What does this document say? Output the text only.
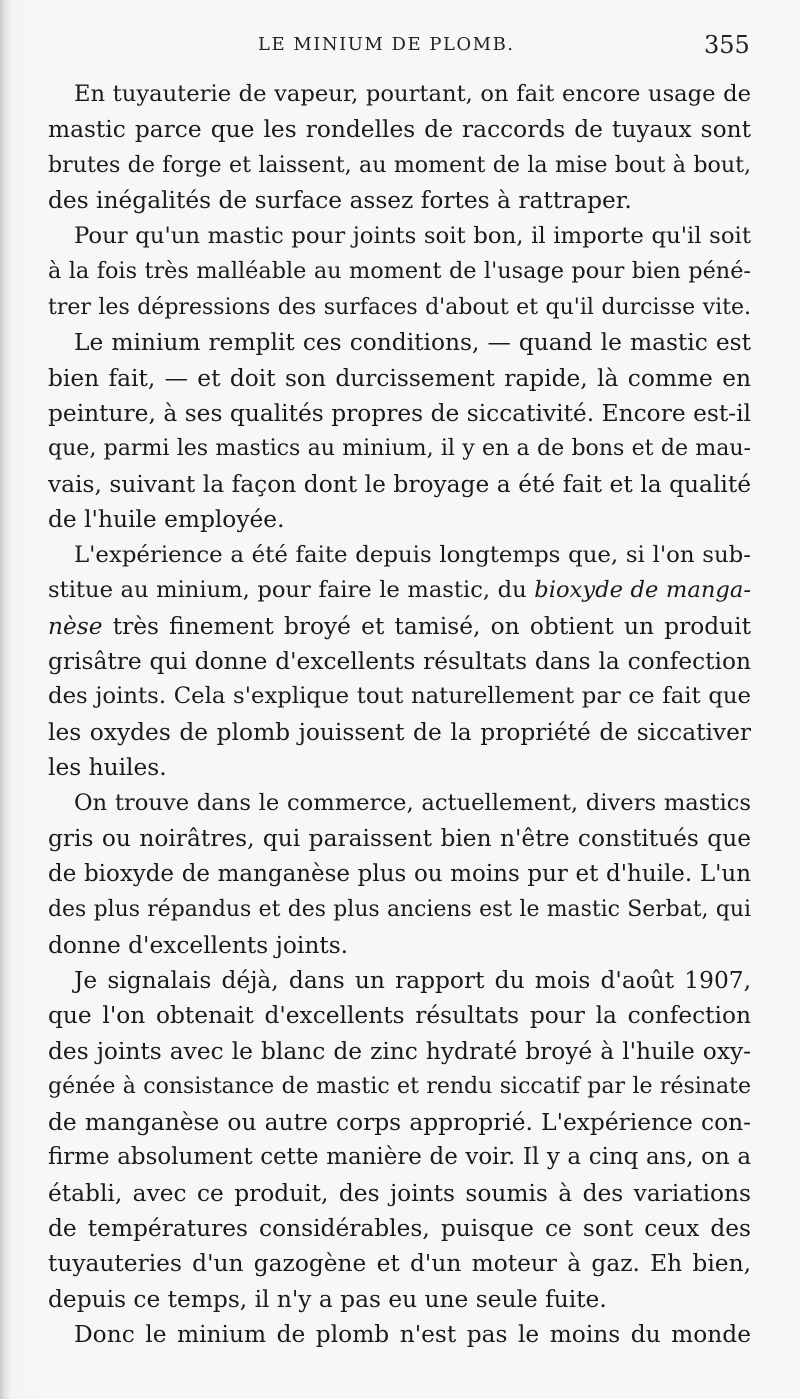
LE MINIUM DE PLOMB.	355
En tuyauterie de vapeur, pourtant, on fait encore usage de
mastic parce que les rondelles de raccords de tuyaux sont
brutes de forge et laissent, au moment de la mise bout à bout,
des inégalités de surface assez fortes à rattraper.
Pour qu'un mastic pour joints soit bon, il importe qu'il soit
à la fois très malléable au moment de l'usage pour bien péné-
trer les dépressions des surfaces d'about et qu'il durcisse vite.
Le minium remplit ces conditions, — quand le mastic est
bien fait, — et doit son durcissement rapide, là comme en
peinture, à ses qualités propres de siccativité. Encore est-il
que, parmi les mastics au minium, il y en a de bons et de mau-
vais, suivant la façon dont le broyage a été fait et la qualité
de l'huile employée.
L'expérience a été faite depuis longtemps que, si l'on sub-
stitue au minium, pour faire le mastic, du bioxyde de manga-
nèse très finement broyé et tamisé, on obtient un produit
grisâtre qui donne d'excellents résultats dans la confection
des joints. Cela s'explique tout naturellement par ce fait que
les oxydes de plomb jouissent de la propriété de siccativer
les huiles.
On trouve dans le commerce, actuellement, divers mastics
gris ou noirâtres, qui paraissent bien n'être constitués que
de bioxyde de manganèse plus ou moins pur et d'huile. L'un
des plus répandus et des plus anciens est le mastic Serbat, qui
donne d'excellents joints.
Je signalais déjà, dans un rapport du mois d'août 1907,
que l'on obtenait d'excellents résultats pour la confection
des joints avec le blanc de zinc hydraté broyé à l'huile oxy-
génée à consistance de mastic et rendu siccatif par le résinate
de manganèse ou autre corps approprié. L'expérience con-
firme absolument cette manière de voir. Il y a cinq ans, on a
établi, avec ce produit, des joints soumis à des variations
de températures considérables, puisque ce sont ceux des
tuyauteries d'un gazogène et d'un moteur à gaz. Eh bien,
depuis ce temps, il n'y a pas eu une seule fuite.
Donc le minium de plomb n'est pas le moins du monde
